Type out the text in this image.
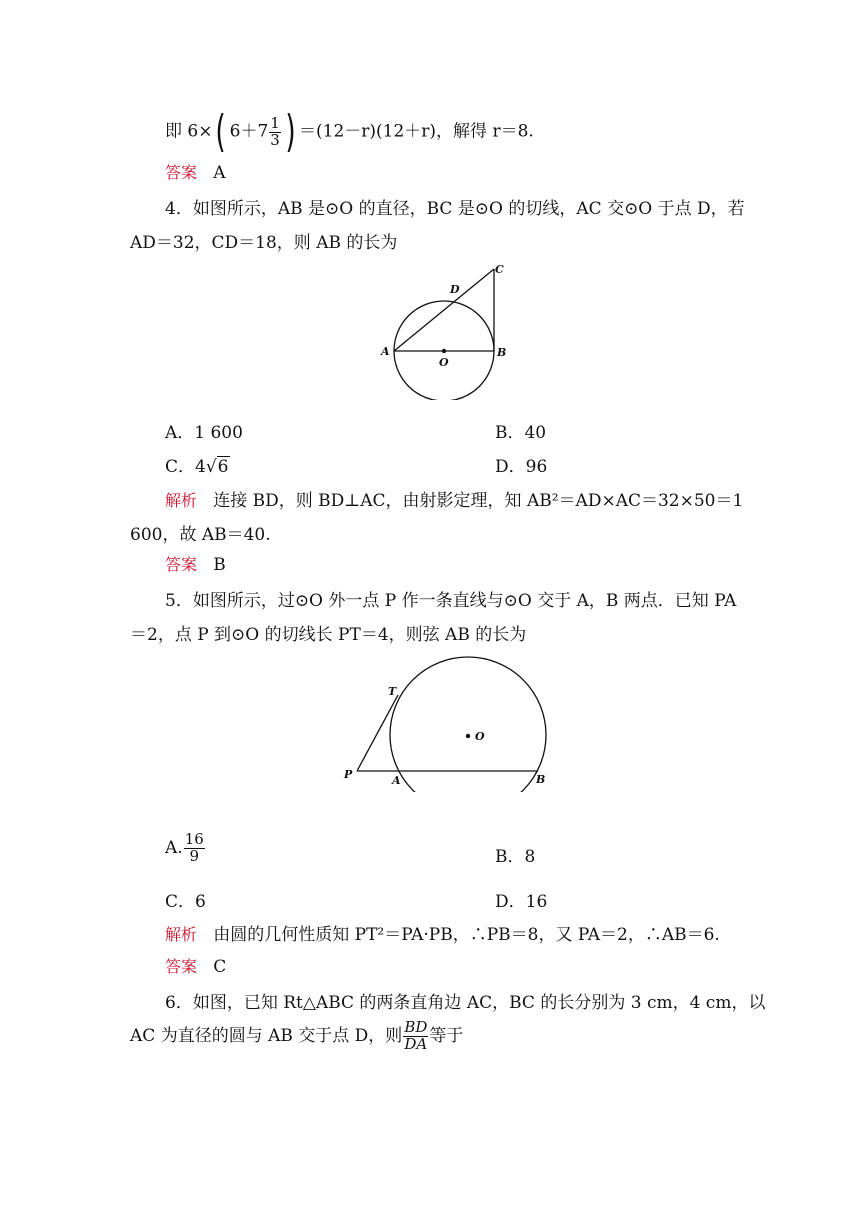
即 6×( $6+7 \frac{1}{3}$ ) ＝(12－r)(12＋r)，解得 r＝8.
答案 A
4．如图所示，AB 是⊙O 的直径，BC 是⊙O 的切线，AC 交⊙O 于点 D，若
AD＝32，CD＝18，则 AB 的长为
A	B
C
D
O
A．1 600	B．40
C．4√6	D．96
解析 连接 BD，则 BD⊥AC，由射影定理，知 AB²＝AD×AC＝32×50＝1
600，故 AB＝40.
答案 B
5．如图所示，过⊙O 外一点 P 作一条直线与⊙O 交于 A，B 两点．已知 PA
＝2，点 P 到⊙O 的切线长 PT＝4，则弦 AB 的长为
T
O
P	A	B
A. $\frac{16}{9}$	B．8
C．6	D．16
解析 由圆的几何性质知 PT²＝PA·PB，∴PB＝8，又 PA＝2，∴AB＝6.
答案 C
6．如图，已知 Rt△ABC 的两条直角边 AC，BC 的长分别为 3 cm，4 cm，以
AC 为直径的圆与 AB 交于点 D，则 $\frac{BD}{DA}$ 等于
